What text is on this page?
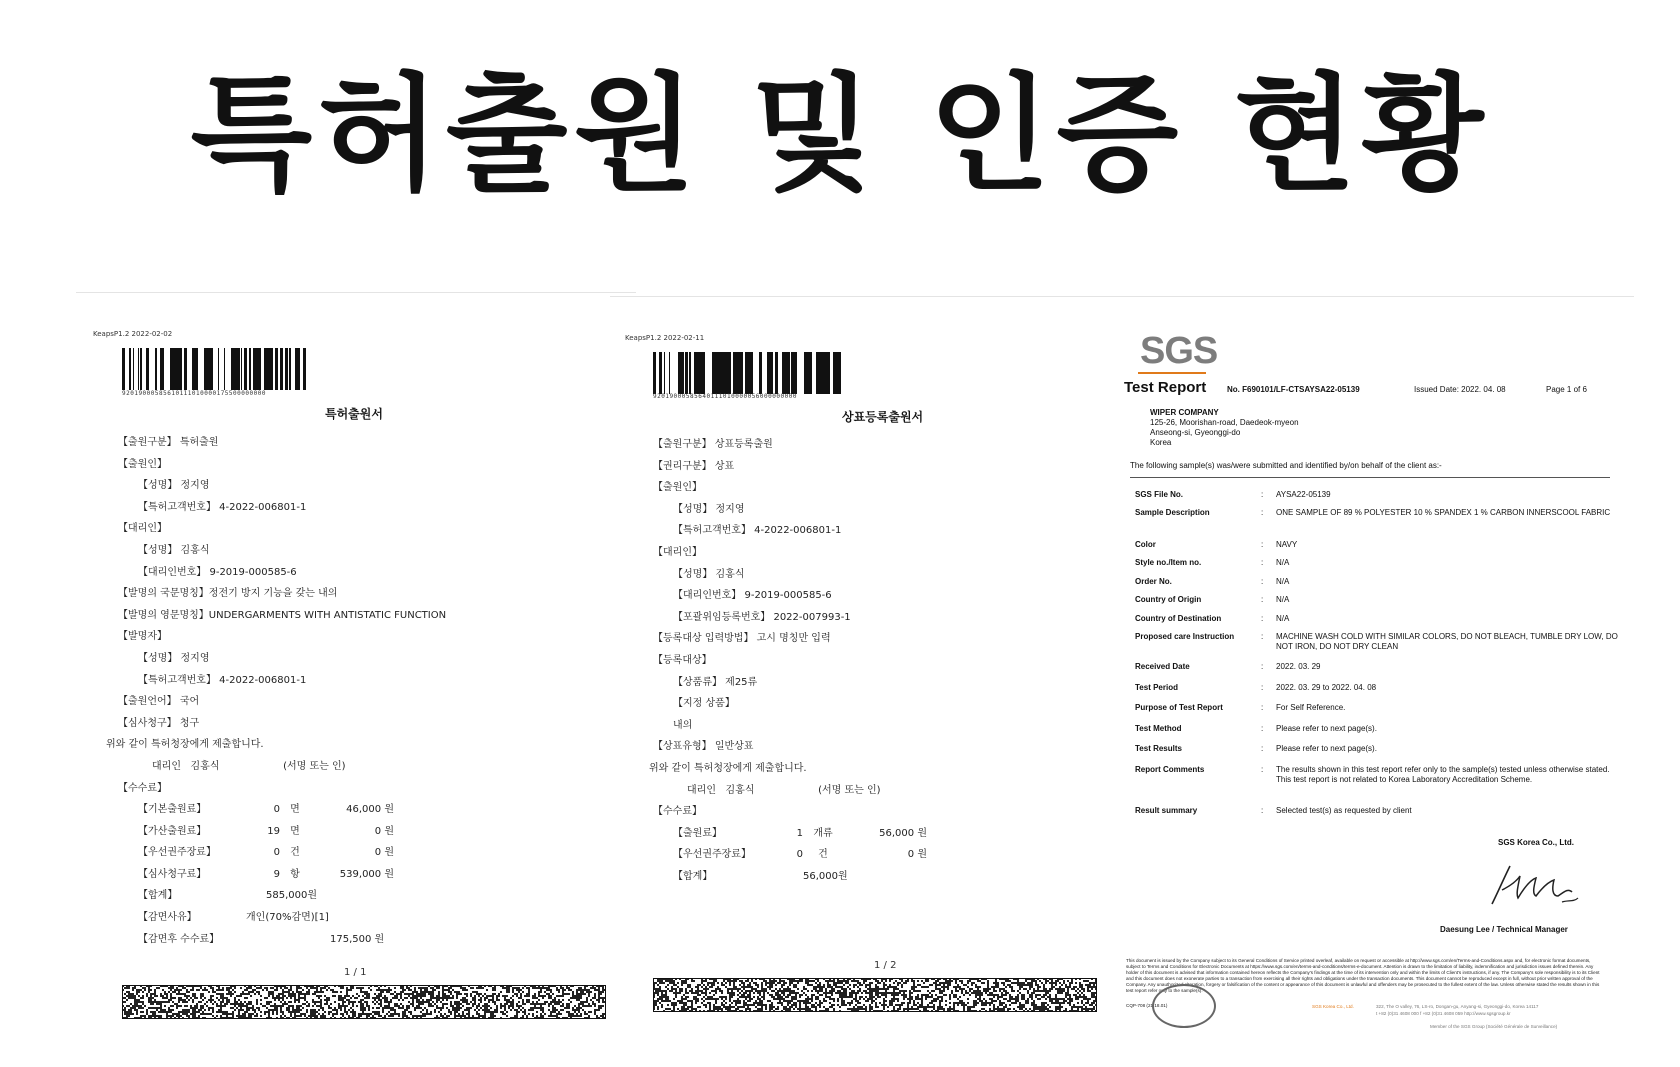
특허출원 및 인증 현황
KeapsP1.2 2022-02-02
92019000585610111010000175500000000
특허출원서
【출원구분】 특허출원
【출원인】
【성명】 정지영
【특허고객번호】 4-2022-006801-1
【대리인】
【성명】 김홍식
【대리인번호】 9-2019-000585-6
【발명의 국문명칭】정전기 방지 기능을 갖는 내의
【발명의 영문명칭】UNDERGARMENTS WITH ANTISTATIC FUNCTION
【발명자】
【성명】 정지영
【특허고객번호】 4-2022-006801-1
【출원언어】 국어
【심사청구】 청구
위와 같이 특허청장에게 제출합니다.
대리인   김홍식                    (서명 또는 인)
【수수료】
【기본출원료】	0 면	46,000 원
【가산출원료】	19 면	0 원
【우선권주장료】	0 건	0 원
【심사청구료】	9 항	539,000 원
【합계】	585,000원
【감면사유】	개인(70%감면)[1]
【감면후 수수료】	175,500 원
1 / 1
KeapsP1.2 2022-02-11
92019000585640111010000056000000000
상표등록출원서
【출원구분】 상표등록출원
【권리구분】 상표
【출원인】
【성명】 정지영
【특허고객번호】 4-2022-006801-1
【대리인】
【성명】 김홍식
【대리인번호】 9-2019-000585-6
【포괄위임등록번호】 2022-007993-1
【등록대상 입력방법】 고시 명칭만 입력
【등록대상】
【상품류】 제25류
【지정 상품】
내의
【상표유형】 일반상표
위와 같이 특허청장에게 제출합니다.
대리인   김홍식                    (서명 또는 인)
【수수료】
【출원료】	1 개류	56,000 원
【우선권주장료】	0 건	0 원
【합계】	56,000원
1 / 2
SGS
Test Report	No. F690101/LF-CTSAYSA22-05139	Issued Date: 2022. 04. 08	Page 1 of 6
WIPER COMPANY
125-26, Moorishan-road, Daedeok-myeon
Anseong-si, Gyeonggi-do
Korea
The following sample(s) was/were submitted and identified by/on behalf of the client as:-
SGS File No.	: AYSA22-05139
Sample Description	: ONE SAMPLE OF 89 % POLYESTER 10 % SPANDEX 1 % CARBON INNERSCOOL FABRIC
Color	: NAVY
Style no./Item no.	: N/A
Order No.	: N/A
Country of Origin	: N/A
Country of Destination	: N/A
Proposed care Instruction	: MACHINE WASH COLD WITH SIMILAR COLORS, DO NOT BLEACH, TUMBLE DRY LOW, DO NOT IRON, DO NOT DRY CLEAN
Received Date	: 2022. 03. 29
Test Period	: 2022. 03. 29 to 2022. 04. 08
Purpose of Test Report	: For Self Reference.
Test Method	: Please refer to next page(s).
Test Results	: Please refer to next page(s).
Report Comments	: The results shown in this test report refer only to the sample(s) tested unless otherwise stated.
This test report is not related to Korea Laboratory Accreditation Scheme.
Result summary	: Selected test(s) as requested by client
SGS Korea Co., Ltd.
Daesung Lee / Technical Manager
This document is issued by the Company subject to its General Conditions of Service printed overleaf, available on request or accessible at http://www.sgs.com/en/Terms-and-Conditions.aspx and, for electronic format documents, subject to Terms and Conditions for Electronic Documents at https://www.sgs.com/en/terms-and-conditions/terms-e-document. Attention is drawn to the limitation of liability, indemnification and jurisdiction issues defined therein. Any holder of this document is advised that information contained hereon reflects the Company's findings at the time of its intervention only and within the limits of Client's instructions, if any. The Company's sole responsibility is to its Client and this document does not exonerate parties to a transaction from exercising all their rights and obligations under the transaction documents. This document cannot be reproduced except in full, without prior written approval of the Company. Any unauthorized alteration, forgery or falsification of the content or appearance of this document is unlawful and offenders may be prosecuted to the fullest extent of the law. Unless otherwise stated the results shown in this test report refer only to the sample(s).
CQP-708 (21.18.01)	SGS Korea Co., Ltd.	322, The O valley, 76, LS-ro, Dongan-gu, Anyang-si, Gyeonggi-do, Korea 14117
t +82 (0)31 4608 000 f +82 (0)31 4608 059 http://www.sgsgroup.kr
Member of the SGS Group (Société Générale de Surveillance)
